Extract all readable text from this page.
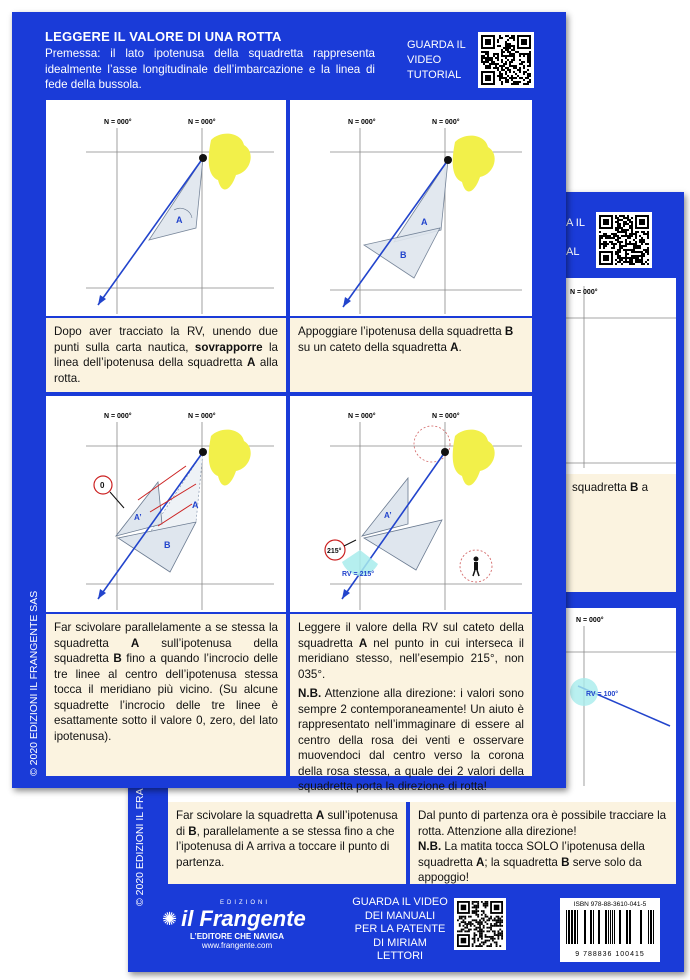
A IL
AL
N = 000°
squadretta B a
N = 000°
RV = 100°
Far scivolare la squadretta A sull’ipotenusa di B, parallelamente a se stessa fino a che l’ipotenusa di A arriva a toccare il punto di partenza.
Dal punto di partenza ora è possibile tracciare la rotta. Attenzione alla direzione!
N.B. La matita tocca SOLO l’ipotenusa della squadretta A; la squadretta B serve solo da appoggio!
© 2020 EDIZIONI IL FRA	EDIZIONI
✺ il Frangente
L’EDITORE CHE NAVIGA
www.frangente.com
GUARDA IL VIDEO
DEI MANUALI
PER LA PATENTE
DI MIRIAM LETTORI
ISBN 978-88-3610-041-5
9 788836 100415
LEGGERE IL VALORE DI UNA ROTTA
Premessa: il lato ipotenusa della squadretta rappresenta idealmente l’asse longitudinale dell’imbarcazione e la linea di fede della bussola.
GUARDA IL
VIDEO
TUTORIAL
N = 000°	N = 000°
A
N = 000°	N = 000°
A
B
Dopo aver tracciato la RV, unendo due punti sulla carta nautica, sovrapporre la linea dell’ipotenusa della squadretta A alla rotta.
Appoggiare l’ipotenusa della squadretta B su un cateto della squadretta A.
N = 000°	N = 000°
A
A’
B
0
N = 000°	N = 000°
A’
RV = 215°
215°
Far scivolare parallelamente a se stessa la squadretta A sull’ipotenusa della squadretta B fino a quando l’incrocio delle tre linee al centro dell’ipotenusa stessa tocca il meridiano più vicino. (Su alcune squadrette l’incrocio delle tre linee è esattamente sotto il valore 0, zero, del lato ipotenusa).
Leggere il valore della RV sul cateto della squadretta A nel punto in cui interseca il meridiano stesso, nell’esempio 215°, non 035°.
N.B. Attenzione alla direzione: i valori sono sempre 2 contemporaneamente! Un aiuto è rappresentato nell’immaginare di essere al centro della rosa dei venti e osservare muovendoci dal centro verso la corona della rosa stessa, a quale dei 2 valori della squadretta porta la direzione di rotta!
© 2020 EDIZIONI IL FRANGENTE SAS
